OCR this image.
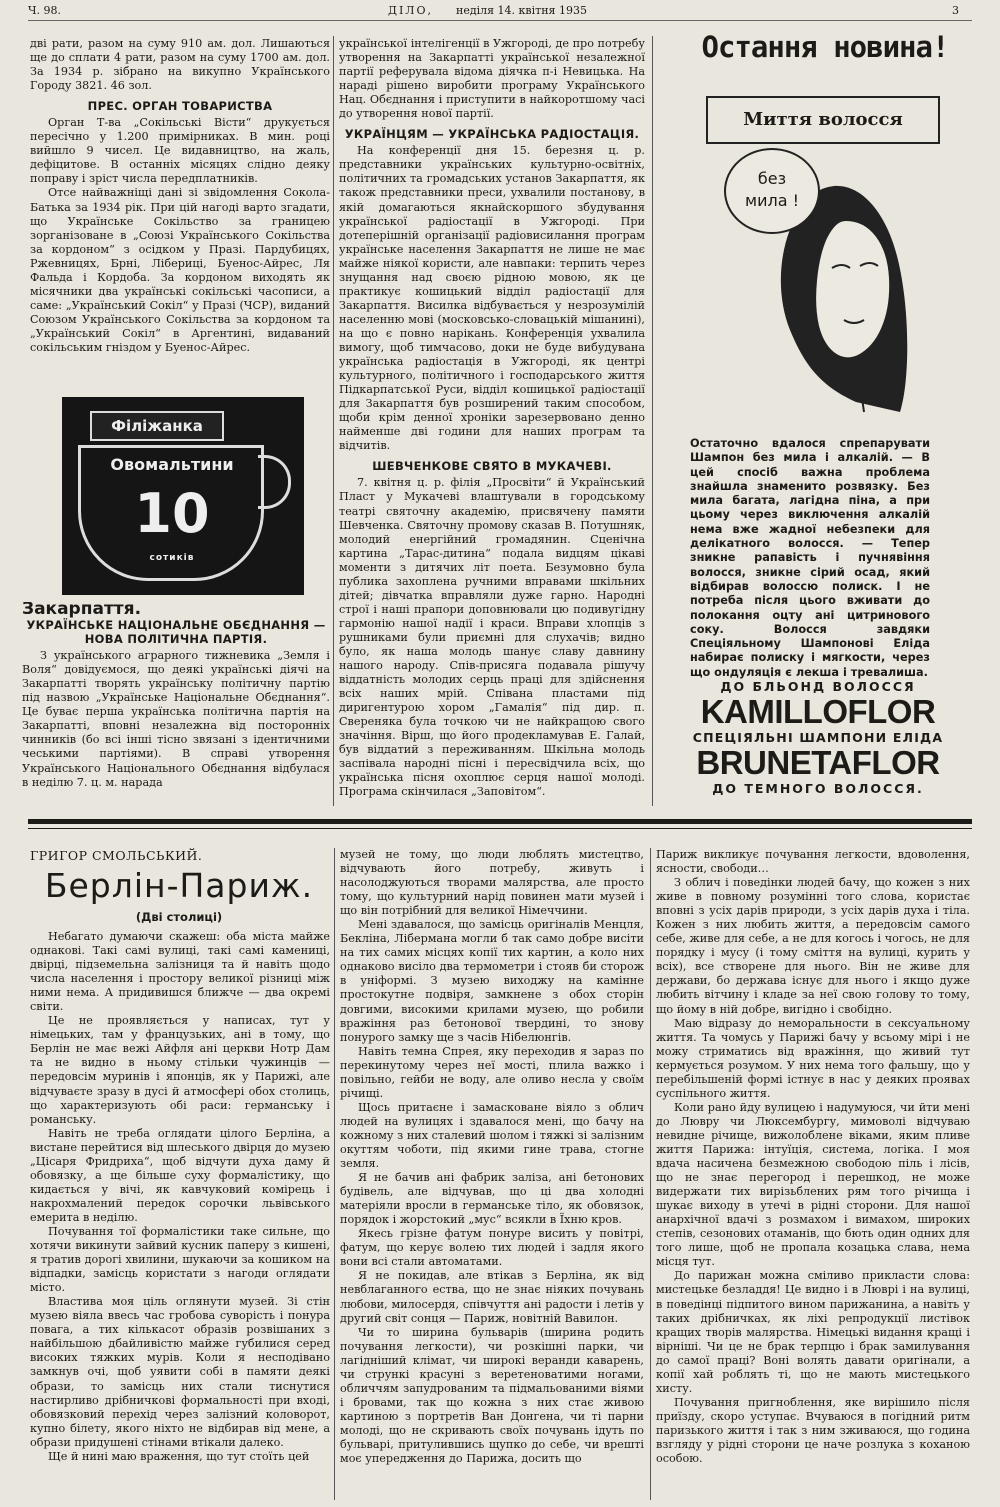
Ч. 98.	ДІЛО, неділя 14. квітня 1935	3

дві рати, разом на суму 910 ам. дол. Лишаються ще до сплати 4 рати, разом на суму 1700 ам. дол. За 1934 р. зібрано на викупно Українського Городу 3821. 46 зол.

ПРЕС. ОРГАН ТОВАРИСТВА

Орган Т-ва „Сокільські Вісти“ друкується пересічно у 1.200 примірниках. В мин. році вийшло 9 чисел. Це видавництво, на жаль, дефіцитове. В останніх місяцях слідно деяку поправу і зріст числа передплатників.

Отсе найважніщі дані зі звідомлення Сокола-Батька за 1934 рік. При цій нагоді варто згадати, що Українське Сокільство за границею зорганізоване в „Союзі Українського Сокільства за кордоном“ з осідком у Празі. Пардубицях, Ржевницях, Брні, Лібериці, Буенос-Айрес, Ля Фальда і Кордоба. За кордоном виходять як місячники два українські сокільські часописи, а саме: „Український Сокіл“ у Празі (ЧСР), виданий Союзом Українського Сокільства за кордоном та „Український Сокіл“ в Аргентині, видаваний сокільським гніздом у Буенос-Айрес.

Філіжанка
Овомальтини
10
сотиків
Закарпаття.
УКРАЇНСЬКЕ НАЦІОНАЛЬНЕ ОБЄДНАННЯ —
НОВА ПОЛІТИЧНА ПАРТІЯ.

З українського аграрного тижневика „Земля і Воля“ довідуємося, що деякі українські діячі на Закарпатті творять українську політичну партію під назвою „Українське Національне Обєднання“. Це буває перша українська політична партія на Закарпатті, вповні незалежна від посторонніх чинників (бо всі інші тісно звязані з ідентичними чеськими партіями). В справі утворення Українського Національного Обєднання відбулася в неділю 7. ц. м. нарада

української інтелігенції в Ужгороді, де про потребу утворення на Закарпатті української незалежної партії реферувала відома діячка п-і Невицька. На нараді рішено виробити програму Українського Нац. Обєднання і приступити в найкоротшому часі до утворення нової партії.

УКРАЇНЦЯМ — УКРАЇНСЬКА РАДІОСТАЦІЯ.

На конференції дня 15. березня ц. р. представники українських культурно-освітніх, політичних та громадських установ Закарпаття, як також представники преси, ухвалили постанову, в якій домагаються якнайскоршого збудування української радіостації в Ужгороді. При дотеперішній організації радіовисилання програм українське населення Закарпаття не лише не має майже ніякої користи, але навпаки: терпить через знущання над своєю рідною мовою, як це практикує кошицький відділ радіостації для Закарпаття. Висилка відбувається у незрозумілій населенню мові (московсько-словацькій мішанині), на що є повно нарікань. Конференція ухвалила вимогу, щоб тимчасово, доки не буде вибудувана українська радіостація в Ужгороді, як центрі культурного, політичного і господарського життя Підкарпатської Руси, відділ кошицької радіостації для Закарпаття був розширений таким способом, щоби крім денної хроніки зарезервовано денно найменше дві години для наших програм та відчитів.

ШЕВЧЕНКОВЕ СВЯТО В МУКАЧЕВІ.

7. квітня ц. р. філія „Просвіти“ й Український Пласт у Мукачеві влаштували в городському театрі святочну академію, присвячену памяти Шевченка. Святочну промову сказав В. Потушняк, молодий енергійний громадянин. Сценічна картина „Тарас-дитина“ подала видцям цікаві моменти з дитячих літ поета. Безумовно була публика захоплена ручними вправами шкільних дітей; дівчатка вправляли дуже гарно. Народні строї і наші прапори доповнювали цю подивугідну гармонію нашої надії і краси. Вправи хлопців з рушниками були приємні для слухачів; видно було, як наша молодь шанує славу давнину нашого народу. Спів-присяга подавала рішучу віддатність молодих серць праці для здійснення всіх наших мрій. Співана пластами під диригентурою хором „Гамалія“ під дир. п. Свереняка була точкою чи не найкращою свого значіння. Вірш, що його продекламував Е. Галай, був віддатий з переживанням. Шкільна молодь заспівала народні пісні і пересвідчила всіх, що українська пісня охоплює серця нашої молоді. Програма скінчилася „Заповітом“.

Остання новина!
Миття волосся
без
мила !
Остаточно вдалося спрепарувати Шампон без мила і алкалій. — В цей спосіб важна проблема знайшла знаменито розвязку. Без мила багата, лагідна піна, а при цьому через виключення алкалій нема вже жадної небезпеки для делікатного волосся. — Тепер зникне рапавість і пучнявіння волосся, зникне сірий осад, який відбирав волоссю полиск. І не потреба після цього вживати до полокання оцту ані цитринового соку. Волосся завдяки Спеціяльному Шампонові Еліда набирає полиску і мягкости, через що ондуляція є лекша і тревалиша.
ДО БЛЬОНД ВОЛОССЯ
KAMILLOFLOR
СПЕЦІЯЛЬНІ ШАМПОНИ ЕЛІДА
BRUNETAFLOR
ДО ТЕМНОГО ВОЛОССЯ.
ГРИГОР СМОЛЬСЬКИЙ.
Берлін-Париж.
(Дві столиці)

Небагато думаючи скажеш: оба міста майже однакові. Такі самі вулиці, такі самі камениці, двірці, підземельна залізниця та й навіть щодо числа населення і простору великої різниці між ними нема. А придивишся ближче — два окремі світи.

Це не проявляється у написах, тут у німецьких, там у французьких, ані в тому, що Берлін не має вежі Айфля ані церкви Нотр Дам та не видно в ньому стільки чужинців — передовсім муринів і японців, як у Парижі, але відчуваєте зразу в дусі й атмосфері обох столиць, що характеризують обі раси: германську і романську.

Навіть не треба оглядати цілого Берліна, а вистане перейтися від шлеського двірця до музею „Цісаря Фридриха“, щоб відчути духа даму й обовязку, а ще більше суху формалістику, що кидається у вічі, як кавчуковий комірець і накрохмалений передок сорочки львівського емерита в неділю.

Почування тої формалістики таке сильне, що хотячи викинути зайвий кусник паперу з кишені, я тратив дорогі хвилини, шукаючи за кошиком на відпадки, замісць користати з нагоди оглядати місто.

Властива моя ціль оглянути музей. Зі стін музею віяла ввесь час гробова суворість і понура повага, а тих кількасот образів розвішаних з найбільшою дбайливістю майже губилися серед високих тяжких мурів. Коли я несподівано замкнув очі, щоб уявити собі в памяти деякі образи, то замісць них стали тиснутися настирливо дрібничкові формальності при вході, обовязковий перехід через залізний коловорот, купно білету, якого ніхто не відбирав від мене, а образи придушені стінами втікали далеко.

Ще й нині маю враження, що тут стоїть цей

музей не тому, що люди люблять мистецтво, відчувають його потребу, живуть і насолоджуються творами малярства, але просто тому, що культурний нарід повинен мати музей і що він потрібний для великої Німеччини.

Мені здавалося, що замісць оригіналів Менцля, Бекліна, Лібермана могли б так само добре висіти на тих самих місцях копії тих картин, а коло них однаково висіло два термометри і стояв би сторож в уніформі. З музею виходжу на камінне простокутне подвіря, замкнене з обох сторін довгими, високими крилами музею, що робили вражіння раз бетонової твердині, то знову понурого замку ще з часів Нібелюнгів.

Навіть темна Спрея, яку переходив я зараз по перекинутому через неї мості, плила важко і повільно, гейби не воду, але оливо несла у своїм річищі.

Щось притаєне і замасковане віяло з облич людей на вулицях і здавалося мені, що бачу на кожному з них сталевий шолом і тяжкі зі залізним окуттям чоботи, під якими гине трава, стогне земля.

Я не бачив ані фабрик заліза, ані бетонових будівель, але відчував, що ці два холодні матеріяли вросли в германське тіло, як обовязок, порядок і жорстокий „мус“ всякли в Їхню кров.

Якесь грізне фатум понуре висить у повітрі, фатум, що керує волею тих людей і задля якого вони всі стали автоматами.

Я не покидав, але втікав з Берліна, як від невблаганного ества, що не знає ніяких почувань любови, милосердя, співчуття ані радости і летів у другий світ сонця — Париж, новітній Вавилон.

Чи то ширина бульварів (ширина родить почування легкости), чи розкішні парки, чи лагідніший клімат, чи широкі веранди каварень, чи стрункі красуні з веретеноватими ногами, обличчям запудрованим та підмальованими віями і бровами, так що кожна з них стає живою картиною з портретів Ван Донгена, чи ті парни молоді, що не скривають своїх почувань ідуть по бульварі, притулившись щупко до себе, чи врешті моє упередження до Парижа, досить що

Париж викликує почування легкости, вдоволення, ясности, свободи…

З облич і поведінки людей бачу, що кожен з них живе в повному розумінні того слова, користає вповні з усіх дарів природи, з усіх дарів духа і тіла. Кожен з них любить життя, а передовсім самого себе, живе для себе, а не для когось і чогось, не для порядку і мусу (і тому сміття на вулиці, курить у всіх), все створене для нього. Він не живе для держави, бо держава існує для нього і якщо дуже любить вітчину і кладе за неї свою голову то тому, що йому в ній добре, вигідно і свобідно.

Маю відразу до неморальности в сексуальному життя. Та чомусь у Парижі бачу у всьому мірі і не можу стриматись від вражіння, що живий тут кермується розумом. У них нема того фальшу, що у перебільшеній формі істнує в нас у деяких проявах суспільного життя.

Коли рано йду вулицею і надумуюся, чи йти мені до Люврy чи Люксембургу, мимоволі відчуваю невидне річище, вижолоблене віками, яким пливе життя Парижа: інтуїція, система, логіка. І моя вдача насичена безмежною свободою піль і лісів, що не знає перегород і перешкод, не може видержати тих вирізьблених рям того річища і шукає виходу в утечі в рідні сторони. Для нашої анархічної вдачі з розмахом і вимахом, широких степів, сезонових отаманів, що бють один одних для того лише, щоб не пропала козацька слава, нема місця тут.

До парижан можна сміливо прикласти слова: мистецьке безладдя! Це видно і в Люврі і на вулиці, в поведінці підпитого вином парижанина, а навіть у таких дрібничках, як ліхі репродукції листівок кращих творів малярства. Німецькі видання кращі і вірніші. Чи це не брак терпцю і брак замилування до самої праці? Воні волять давати оригінали, а копії хай роблять ті, що не мають мистецького хисту.

Почування пригноблення, яке вирішило після приїзду, скоро уступає. Вчуваюся в погідний ритм паризького життя і так з ним зживаюся, що година взгляду у рідні сторони це наче розлука з коханою особою.
